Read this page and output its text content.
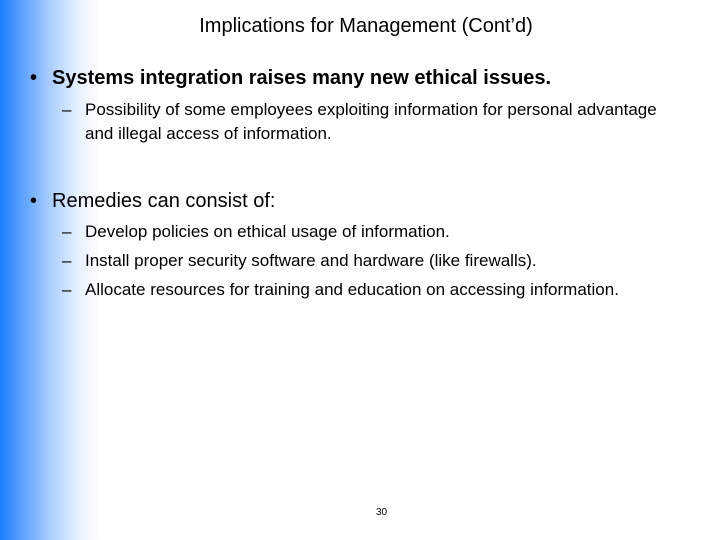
Implications for Management (Cont’d)
• Systems integration raises many new ethical issues.
– Possibility of some employees exploiting information for personal advantage and illegal access of information.
• Remedies can consist of:
– Develop policies on ethical usage of information.
– Install proper security software and hardware (like firewalls).
– Allocate resources for training and education on accessing information.
30
